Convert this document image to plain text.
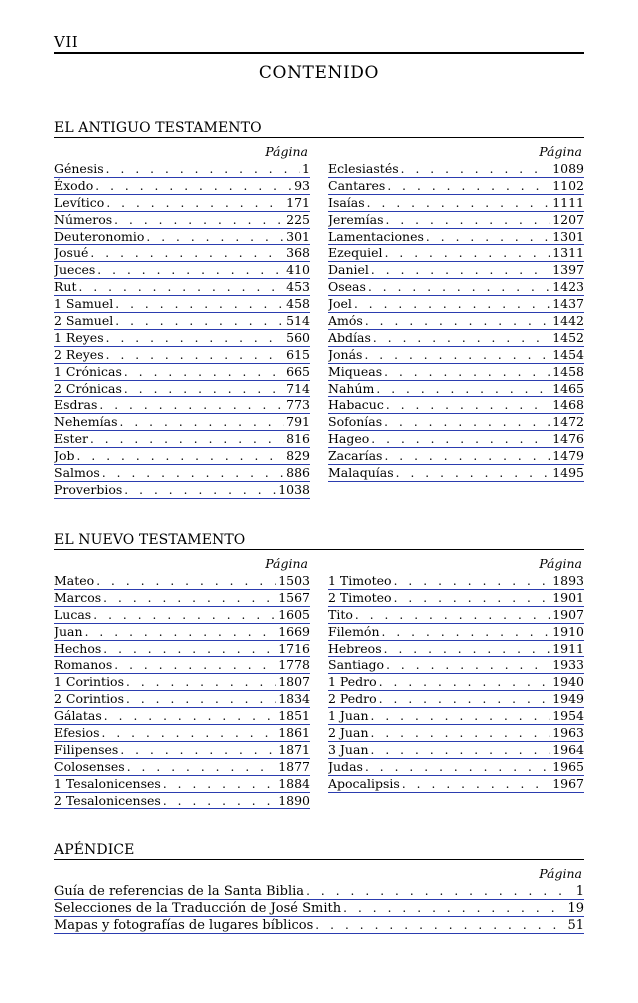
VII
CONTENIDO
EL ANTIGUO TESTAMENTO
Página
Génesis . . .	1
Éxodo . . .	93
Levítico . . .	171
Números . . .	225
Deuteronomio . . .	301
Josué . . .	368
Jueces . . .	410
Rut . . .	453
1 Samuel . . .	458
2 Samuel . . .	514
1 Reyes . . .	560
2 Reyes . . .	615
1 Crónicas . . .	665
2 Crónicas . . .	714
Esdras . . .	773
Nehemías . . .	791
Ester . . .	816
Job . . .	829
Salmos . . .	886
Proverbios . . .	1038
Página
Eclesiastés . . .	1089
Cantares . . .	1102
Isaías . . .	1111
Jeremías . . .	1207
Lamentaciones . . .	1301
Ezequiel . . .	1311
Daniel . . .	1397
Oseas . . .	1423
Joel . . .	1437
Amós . . .	1442
Abdías . . .	1452
Jonás . . .	1454
Miqueas . . .	1458
Nahúm . . .	1465
Habacuc . . .	1468
Sofonías . . .	1472
Hageo . . .	1476
Zacarías . . .	1479
Malaquías . . .	1495
EL NUEVO TESTAMENTO
Página
Mateo . . .	1503
Marcos . . .	1567
Lucas . . .	1605
Juan . . .	1669
Hechos . . .	1716
Romanos . . .	1778
1 Corintios . . .	1807
2 Corintios . . .	1834
Gálatas . . .	1851
Efesios . . .	1861
Filipenses . . .	1871
Colosenses . . .	1877
1 Tesalonicenses . . .	1884
2 Tesalonicenses . . .	1890
Página
1 Timoteo . . .	1893
2 Timoteo . . .	1901
Tito . . .	1907
Filemón . . .	1910
Hebreos . . .	1911
Santiago . . .	1933
1 Pedro . . .	1940
2 Pedro . . .	1949
1 Juan . . .	1954
2 Juan . . .	1963
3 Juan . . .	1964
Judas . . .	1965
Apocalipsis . . .	1967
APÉNDICE
Página
Guía de referencias de la Santa Biblia . . .	1
Selecciones de la Traducción de José Smith . . .	19
Mapas y fotografías de lugares bíblicos . . .	51
